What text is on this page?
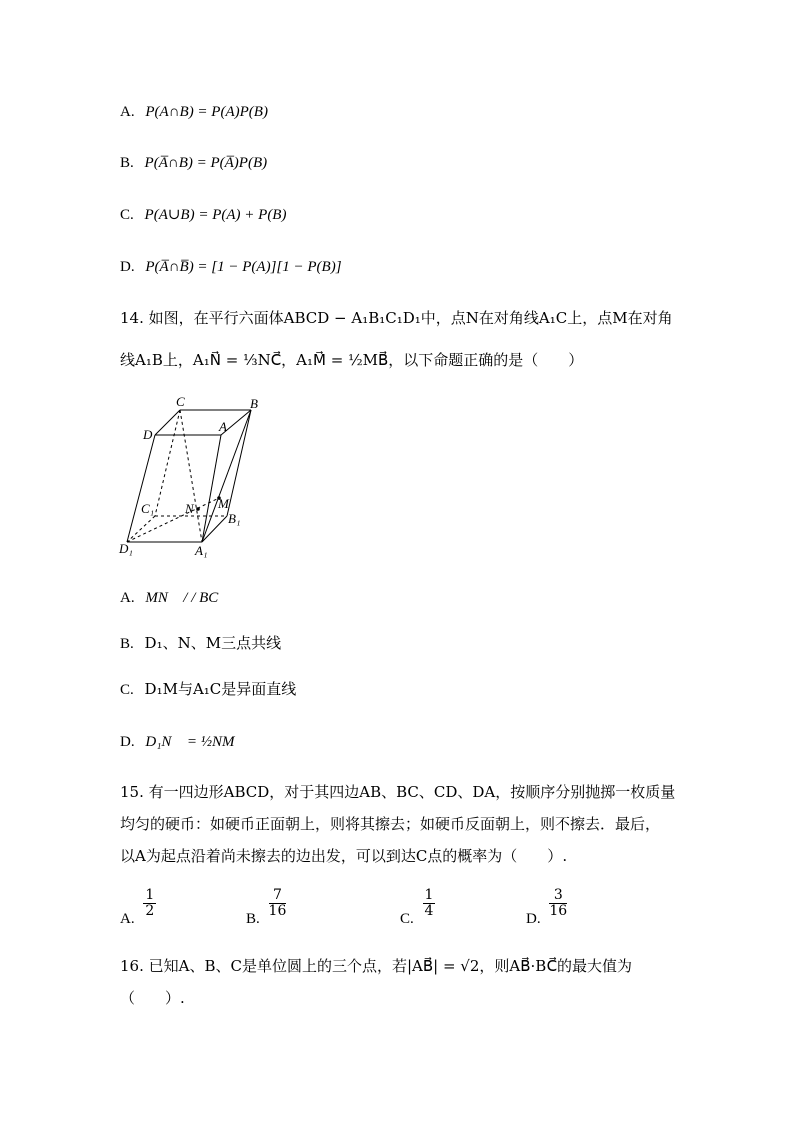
A. P(A∩B) = P(A)P(B)
B. P(A̅∩B) = P(A̅)P(B)
C. P(A∪B) = P(A) + P(B)
D. P(A̅∩B̅) = [1 − P(A)][1 − P(B)]
14. 如图，在平行六面体ABCD − A₁B₁C₁D₁中，点N在对角线A₁C上，点M在对角
线A₁B上，A₁N⃗ = ⅓NC⃗，A₁M⃗ = ½MB⃗，以下命题正确的是（　　）
C	B
D
A
C₁ N M
B₁
D₁	A₁
A. MN⃗ / / BC⃗
B. D₁、N、M三点共线
C. D₁M与A₁C是异面直线
D. D₁N⃗ = ½NM⃗
15. 有一四边形ABCD，对于其四边AB、BC、CD、DA，按顺序分别抛掷一枚质量
均匀的硬币：如硬币正面朝上，则将其擦去；如硬币反面朝上，则不擦去．最后，
以A为起点沿着尚未擦去的边出发，可以到达C点的概率为（　　）.
A. $\frac{1}{2}$	B. $\frac{7}{16}$	C. $\frac{1}{4}$	D. $\frac{3}{16}$
16. 已知A、B、C是单位圆上的三个点，若|AB⃗| = √2，则AB⃗·BC⃗的最大值为
（　　）.
